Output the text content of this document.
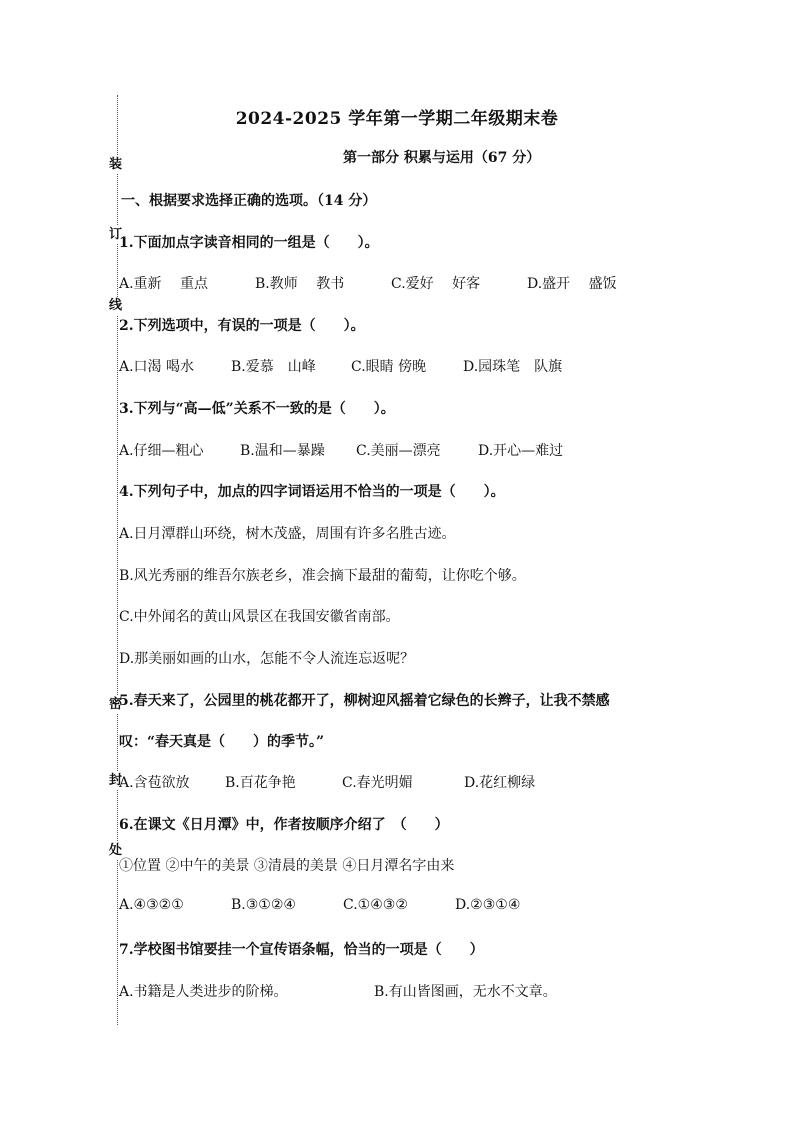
装
订
线
密
封
处
2024-2025 学年第一学期二年级期末卷
第一部分 积累与运用（67 分）
一、根据要求选择正确的选项。（14 分）
1.下面加点字读音相同的一组是（　　）。
A.重新　 重点	B.教师　 教书	C.爱好　 好客	D.盛开　 盛饭
2.下列选项中，有误的一项是（　　）。
A.口渴 喝水	B.爱慕　山峰	C.眼睛 傍晚	D.园珠笔　队旗
3.下列与“高—低”关系不一致的是（　　）。
A.仔细—粗心	B.温和—暴躁 C.美丽—漂亮	D.开心—难过
4.下列句子中，加点的四字词语运用不恰当的一项是（　　）。
A.日月潭群山环绕，树木茂盛，周围有许多名胜古迹。
B.风光秀丽的维吾尔族老乡，准会摘下最甜的葡萄，让你吃个够。
C.中外闻名的黄山风景区在我国安徽省南部。
D.那美丽如画的山水，怎能不令人流连忘返呢？
5.春天来了，公园里的桃花都开了，柳树迎风摇着它绿色的长辫子，让我不禁感
叹：“春天真是（　　）的季节。”
A.含苞欲放	B.百花争艳	C.春光明媚	D.花红柳绿
6.在课文《日月潭》中，作者按顺序介绍了　（　　）
①位置 ②中午的美景 ③清晨的美景 ④日月潭名字由来
A.④③②①	B.③①②④	C.①④③②	D.②③①④
7.学校图书馆要挂一个宣传语条幅，恰当的一项是（　　）
A.书籍是人类进步的阶梯。	B.有山皆图画，无水不文章。
